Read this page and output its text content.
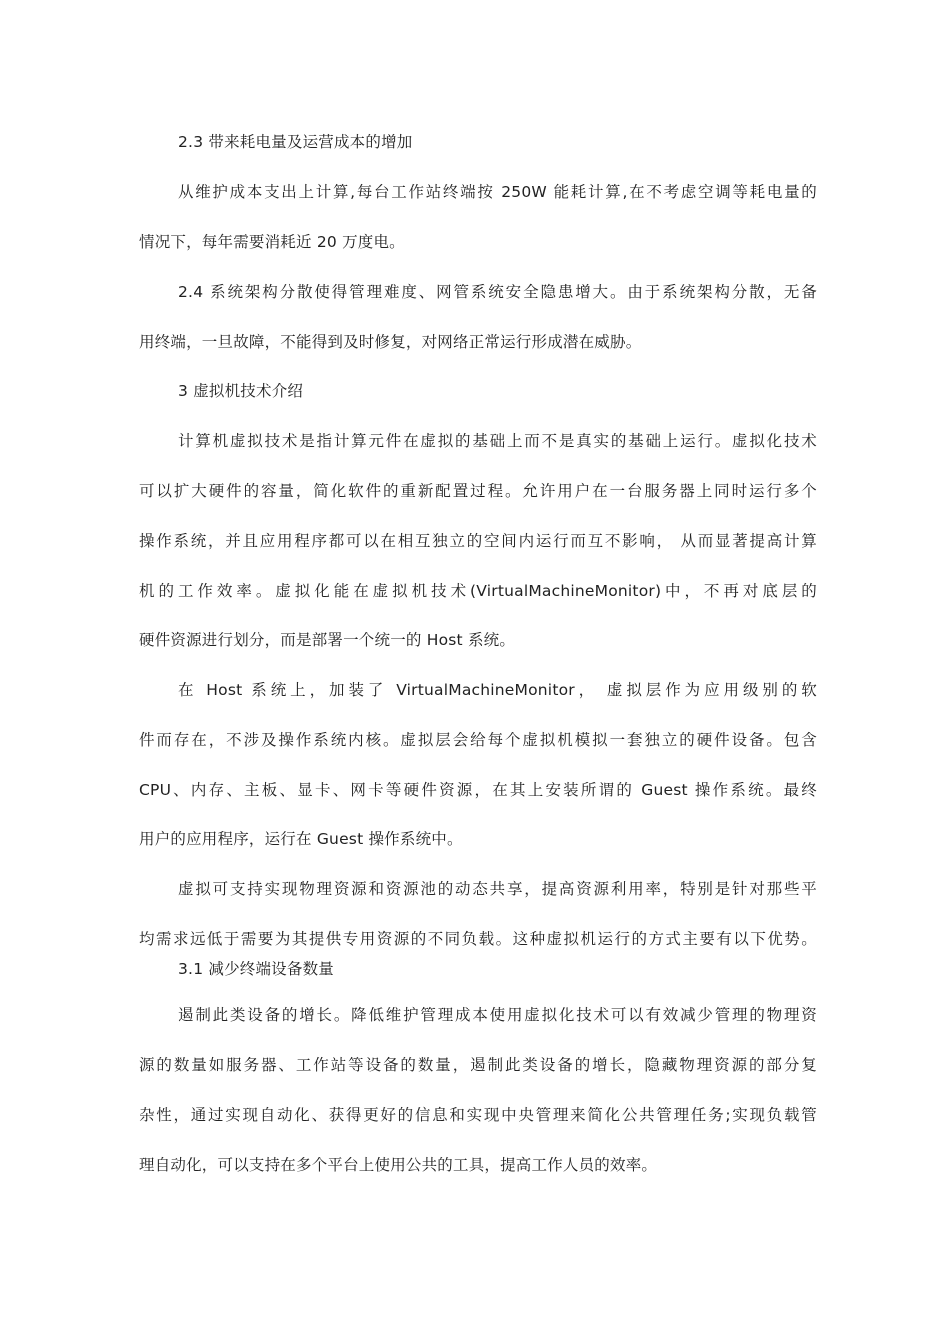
2.3 带来耗电量及运营成本的增加
从维护成本支出上计算,每台工作站终端按 250W 能耗计算,在不考虑空调等耗电量的
情况下，每年需要消耗近 20 万度电。
2.4 系统架构分散使得管理难度、网管系统安全隐患增大。由于系统架构分散，无备
用终端，一旦故障，不能得到及时修复，对网络正常运行形成潜在威胁。
3 虚拟机技术介绍
计算机虚拟技术是指计算元件在虚拟的基础上而不是真实的基础上运行。虚拟化技术
可以扩大硬件的容量，简化软件的重新配置过程。允许用户在一台服务器上同时运行多个
操作系统，并且应用程序都可以在相互独立的空间内运行而互不影响， 从而显著提高计算
机的工作效率。虚拟化能在虚拟机技术(VirtualMachineMonitor)中，不再对底层的
硬件资源进行划分，而是部署一个统一的 Host 系统。
在 Host 系统上，加装了 VirtualMachineMonitor， 虚拟层作为应用级别的软
件而存在，不涉及操作系统内核。虚拟层会给每个虚拟机模拟一套独立的硬件设备。包含
CPU、内存、主板、显卡、网卡等硬件资源，在其上安装所谓的 Guest 操作系统。最终
用户的应用程序，运行在 Guest 操作系统中。
虚拟可支持实现物理资源和资源池的动态共享，提高资源利用率，特别是针对那些平
均需求远低于需要为其提供专用资源的不同负载。这种虚拟机运行的方式主要有以下优势。
3.1 减少终端设备数量
遏制此类设备的增长。降低维护管理成本使用虚拟化技术可以有效减少管理的物理资
源的数量如服务器、工作站等设备的数量，遏制此类设备的增长，隐藏物理资源的部分复
杂性，通过实现自动化、获得更好的信息和实现中央管理来简化公共管理任务;实现负载管
理自动化，可以支持在多个平台上使用公共的工具，提高工作人员的效率。
